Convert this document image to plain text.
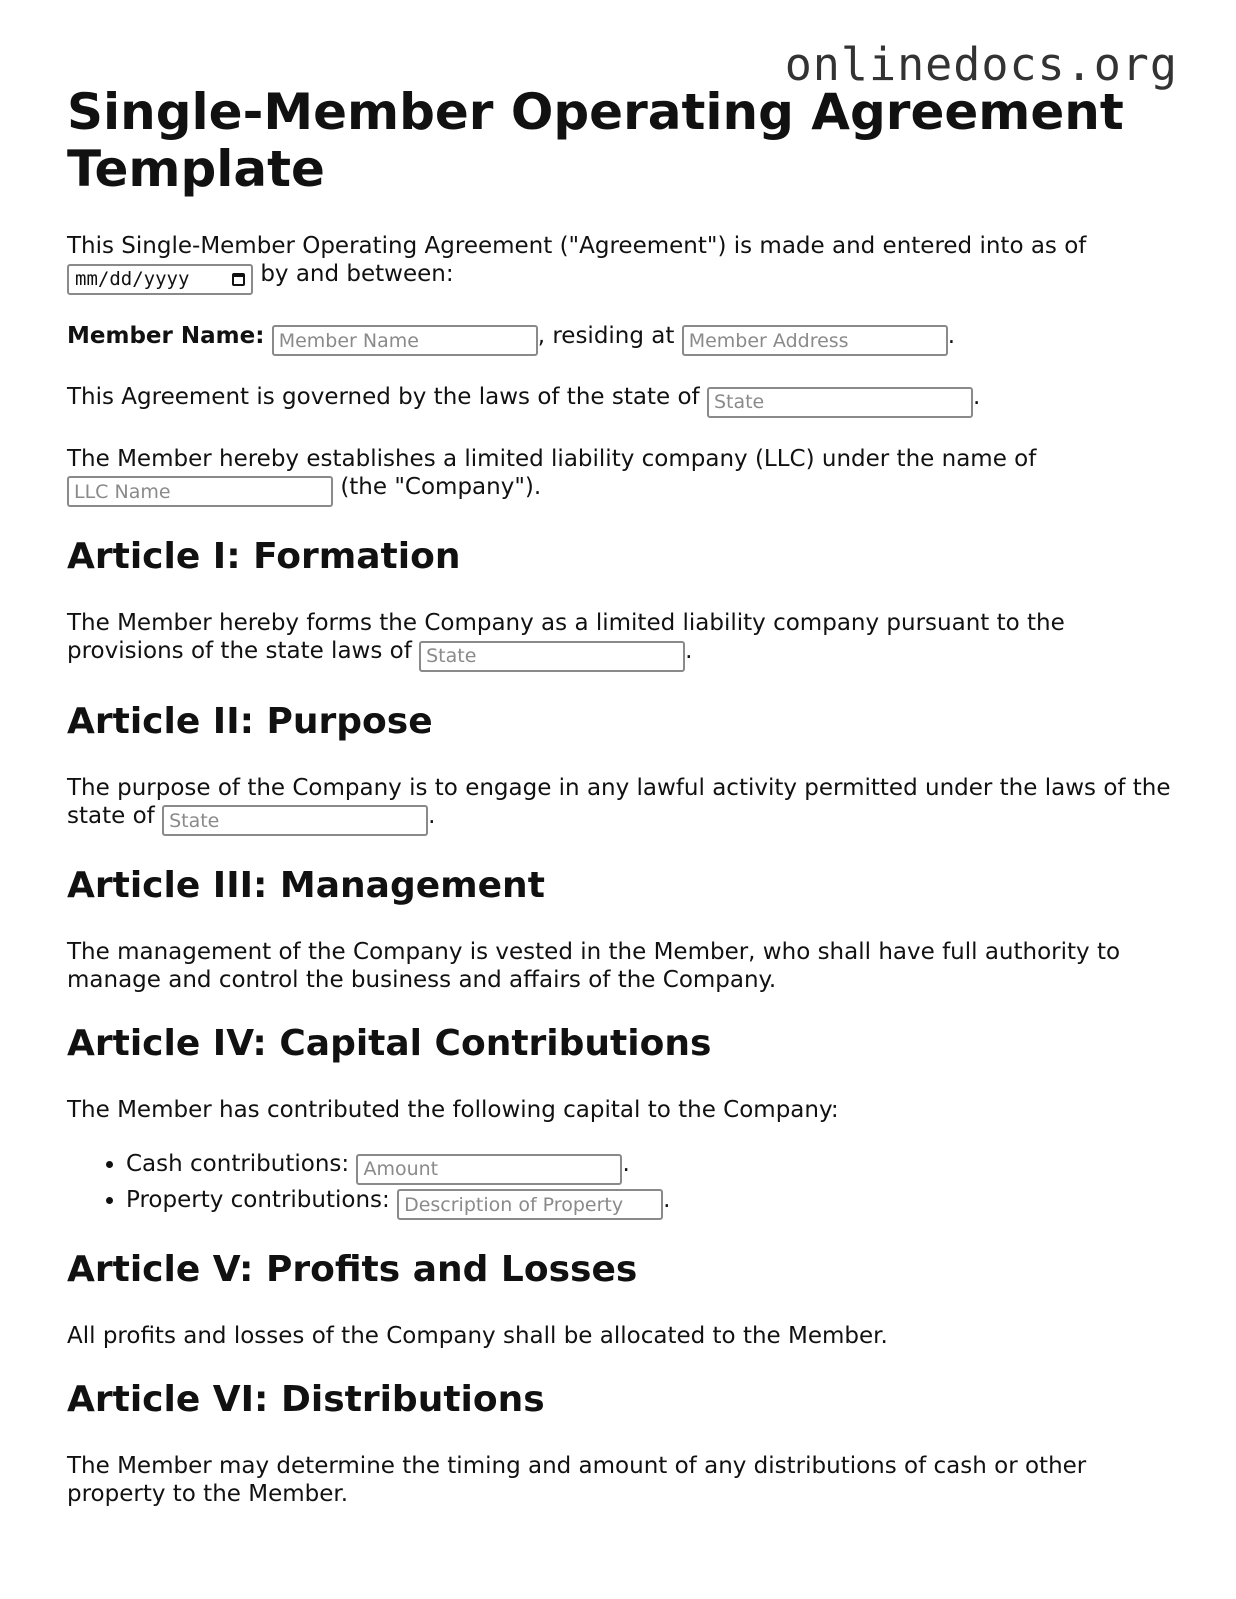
onlinedocs.org
Single-Member Operating Agreement Template

This Single-Member Operating Agreement ("Agreement") is made and entered into as of
mm/dd/yyyy	by and between:

Member Name: Member Name	, residing at Member Address	.

This Agreement is governed by the laws of the state of State	.

The Member hereby establishes a limited liability company (LLC) under the name of LLC Name (the "Company").

Article I: Formation

The Member hereby forms the Company as a limited liability company pursuant to the provisions of the state laws of State	.

Article II: Purpose

The purpose of the Company is to engage in any lawful activity permitted under the laws of the state of State	.

Article III: Management

The management of the Company is vested in the Member, who shall have full authority to manage and control the business and affairs of the Company.

Article IV: Capital Contributions

The Member has contributed the following capital to the Company:

• Cash contributions: Amount	.
• Property contributions: Description of Property	.
Article V: Profits and Losses

All profits and losses of the Company shall be allocated to the Member.

Article VI: Distributions

The Member may determine the timing and amount of any distributions of cash or other property to the Member.
